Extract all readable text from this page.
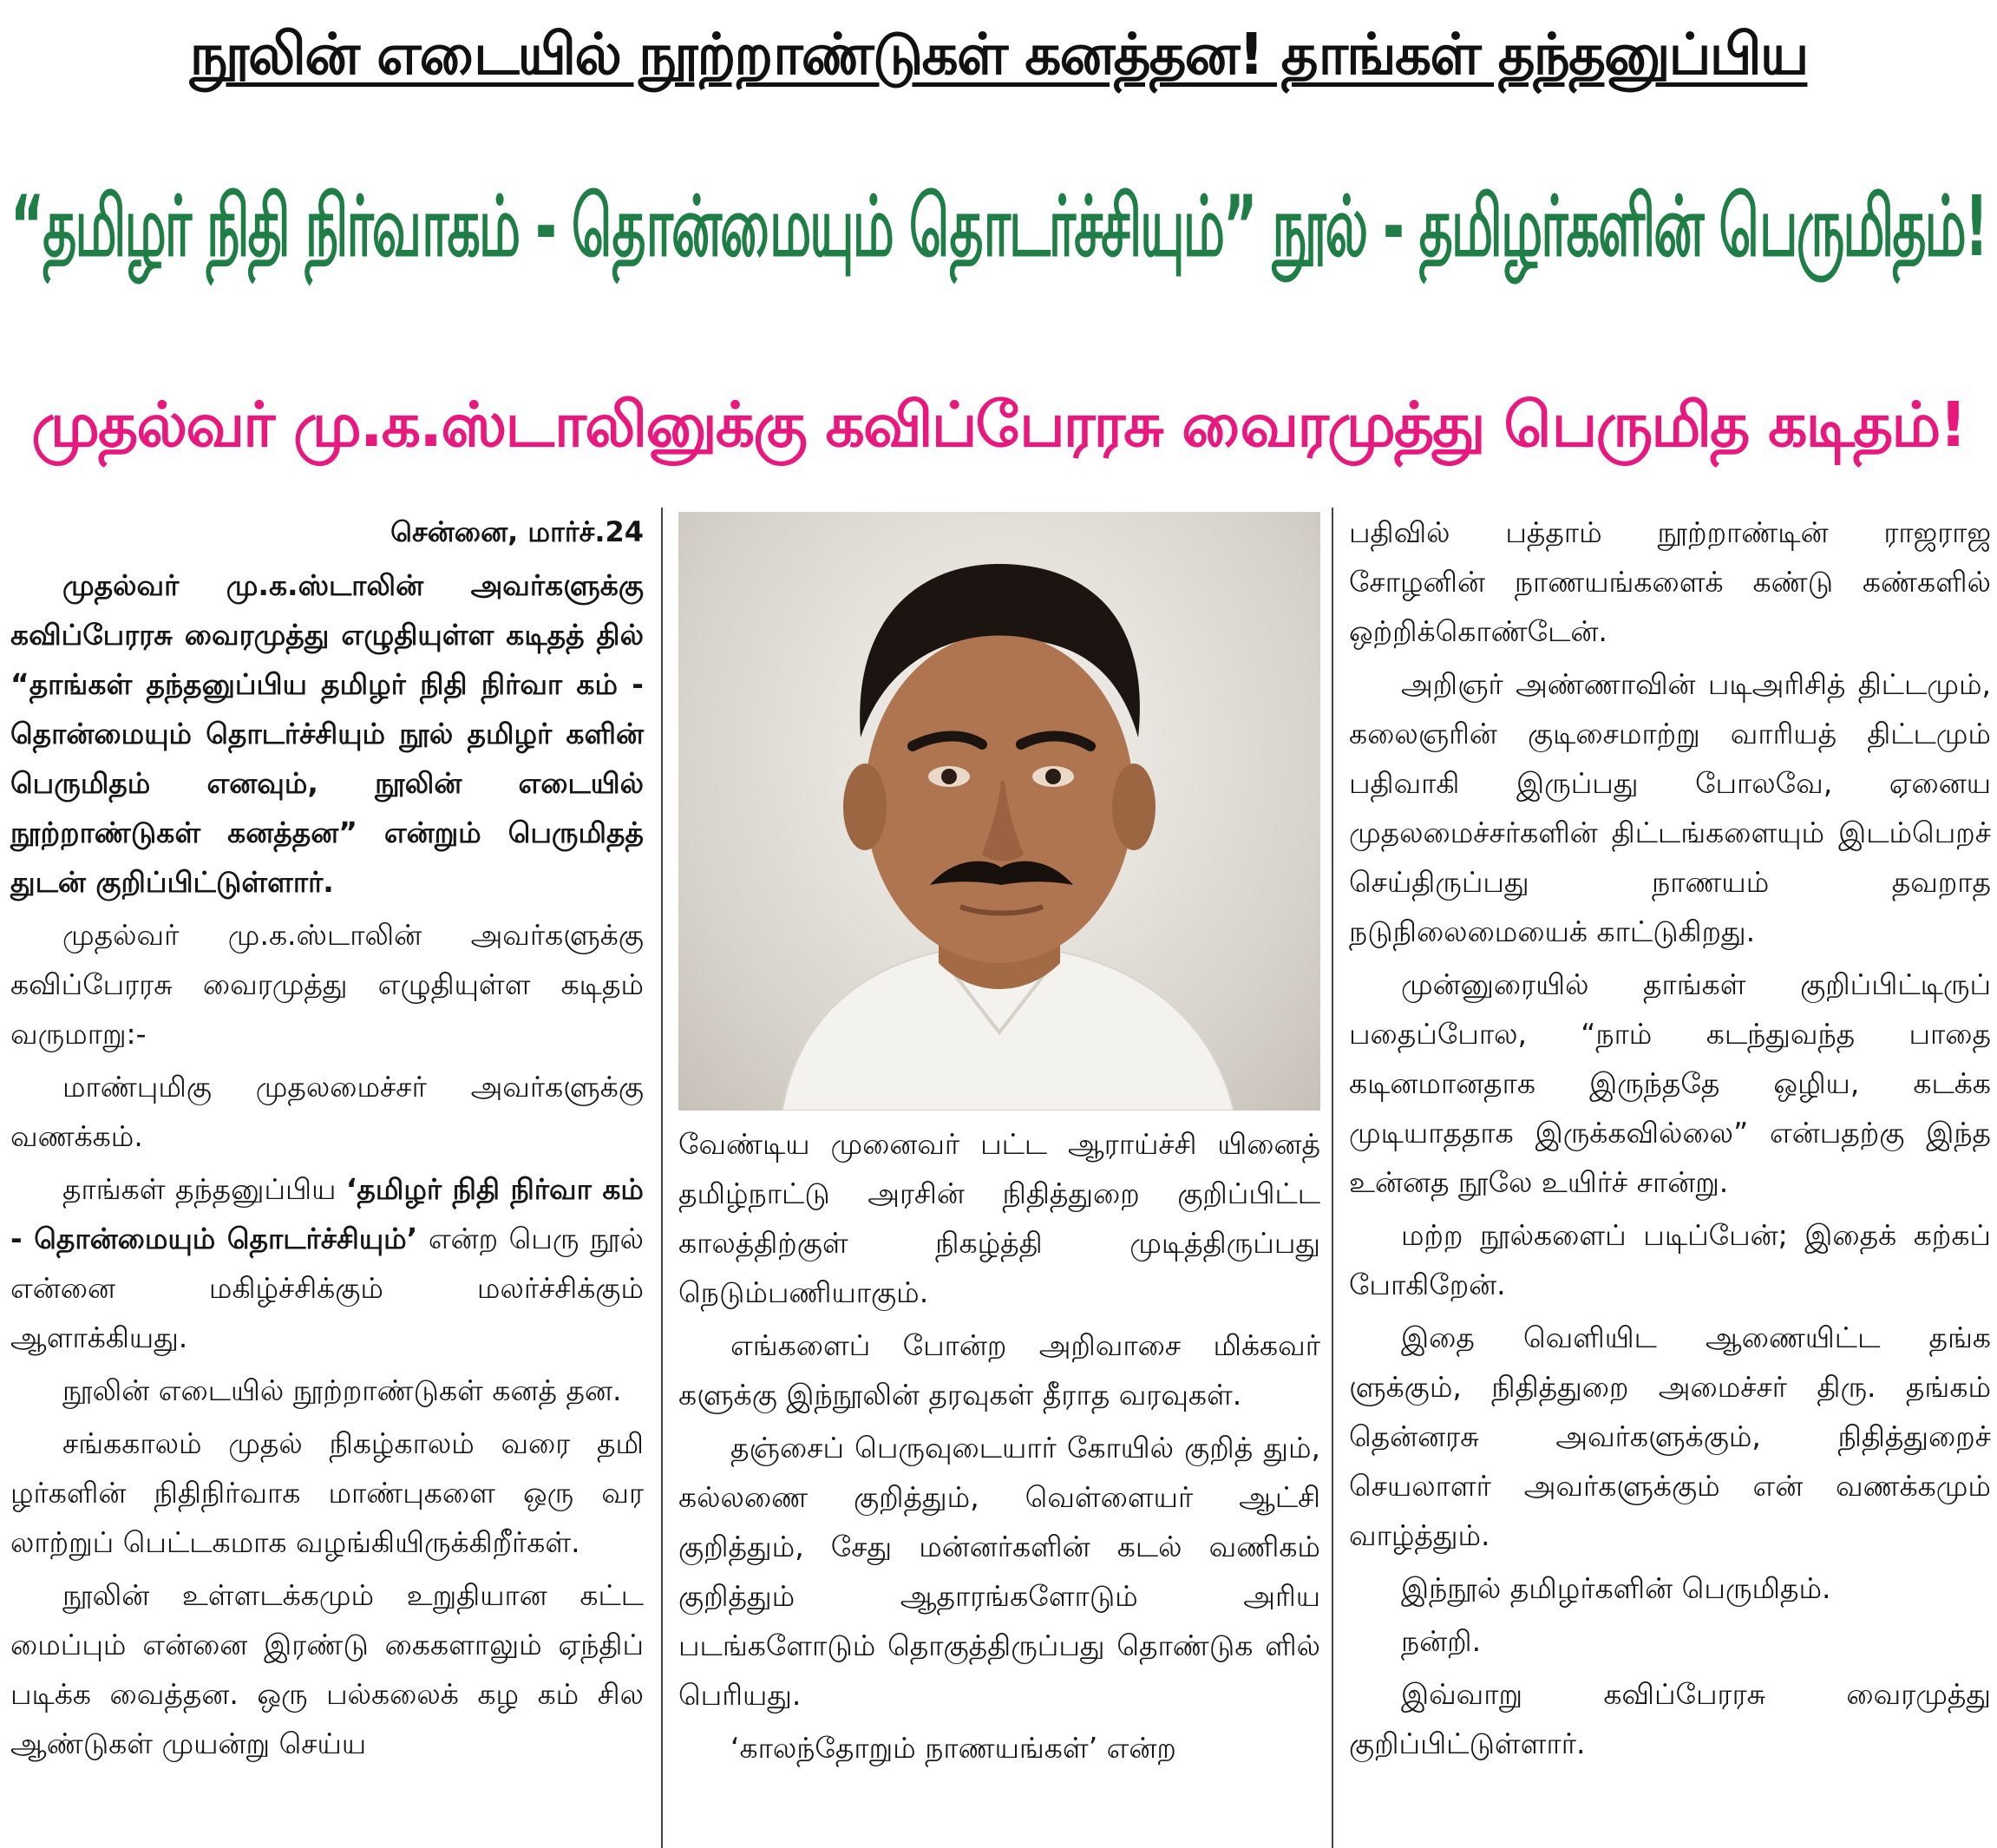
நூலின் எடையில் நூற்றாண்டுகள் கனத்தன! தாங்கள் தந்தனுப்பிய
“தமிழர் நிதி நிர்வாகம் - தொன்மையும் தொடர்ச்சியும்” நூல் - தமிழர்களின் பெருமிதம்!
முதல்வர் மு.க.ஸ்டாலினுக்கு கவிப்பேரரசு வைரமுத்து பெருமித கடிதம்!
சென்னை, மார்ச்.24

முதல்வர் மு.க.ஸ்டாலின் அவர்களுக்கு கவிப்பேரரசு வைரமுத்து எழுதியுள்ள கடிதத் தில் “தாங்கள் தந்தனுப்பிய தமிழர் நிதி நிர்வா கம் - தொன்மையும் தொடர்ச்சியும் நூல் தமிழர் களின் பெருமிதம் எனவும், நூலின் எடையில் நூற்றாண்டுகள் கனத்தன” என்றும் பெருமிதத் துடன் குறிப்பிட்டுள்ளார்.

முதல்வர் மு.க.ஸ்டாலின் அவர்களுக்கு கவிப்பேரரசு வைரமுத்து எழுதியுள்ள கடிதம் வருமாறு:-

மாண்புமிகு முதலமைச்சர் அவர்களுக்கு வணக்கம்.

தாங்கள் தந்தனுப்பிய ‘தமிழர் நிதி நிர்வா கம் - தொன்மையும் தொடர்ச்சியும்’ என்ற பெரு நூல் என்னை மகிழ்ச்சிக்கும் மலர்ச்சிக்கும் ஆளாக்கியது.

நூலின் எடையில் நூற்றாண்டுகள் கனத் தன.

சங்ககாலம் முதல் நிகழ்காலம் வரை தமி ழர்களின் நிதிநிர்வாக மாண்புகளை ஒரு வர லாற்றுப் பெட்டகமாக வழங்கியிருக்கிறீர்கள்.

நூலின் உள்ளடக்கமும் உறுதியான கட்ட மைப்பும் என்னை இரண்டு கைகளாலும் ஏந்திப் படிக்க வைத்தன. ஒரு பல்கலைக் கழ கம் சில ஆண்டுகள் முயன்று செய்ய

வேண்டிய முனைவர் பட்ட ஆராய்ச்சி யினைத் தமிழ்நாட்டு அரசின் நிதித்துறை குறிப்பிட்ட காலத்திற்குள் நிகழ்த்தி முடித்திருப்பது நெடும்பணியாகும்.

எங்களைப் போன்ற அறிவாசை மிக்கவர் களுக்கு இந்நூலின் தரவுகள் தீராத வரவுகள்.

தஞ்சைப் பெருவுடையார் கோயில் குறித் தும், கல்லணை குறித்தும், வெள்ளையர் ஆட்சி குறித்தும், சேது மன்னர்களின் கடல் வணிகம் குறித்தும் ஆதாரங்களோடும் அரிய படங்களோடும் தொகுத்திருப்பது தொண்டுக ளில் பெரியது.

‘காலந்தோறும் நாணயங்கள்’ என்ற

பதிவில் பத்தாம் நூற்றாண்டின் ராஜராஜ சோழனின் நாணயங்களைக் கண்டு கண்களில் ஒற்றிக்கொண்டேன்.

அறிஞர் அண்ணாவின் படிஅரிசித் திட்டமும், கலைஞரின் குடிசைமாற்று வாரியத் திட்டமும் பதிவாகி இருப்பது போலவே, ஏனைய முதலமைச்சர்களின் திட்டங்களையும் இடம்பெறச் செய்திருப்பது நாணயம் தவறாத நடுநிலைமையைக் காட்டுகிறது.

முன்னுரையில் தாங்கள் குறிப்பிட்டிருப் பதைப்போல, “நாம் கடந்துவந்த பாதை கடினமானதாக இருந்ததே ஒழிய, கடக்க முடியாததாக இருக்கவில்லை” என்பதற்கு இந்த உன்னத நூலே உயிர்ச் சான்று.

மற்ற நூல்களைப் படிப்பேன்; இதைக் கற்கப் போகிறேன்.

இதை வெளியிட ஆணையிட்ட தங்க ளுக்கும், நிதித்துறை அமைச்சர் திரு. தங்கம் தென்னரசு அவர்களுக்கும், நிதித்துறைச் செயலாளர் அவர்களுக்கும் என் வணக்கமும் வாழ்த்தும்.

இந்நூல் தமிழர்களின் பெருமிதம்.

நன்றி.

இவ்வாறு கவிப்பேரரசு வைரமுத்து குறிப்பிட்டுள்ளார்.
